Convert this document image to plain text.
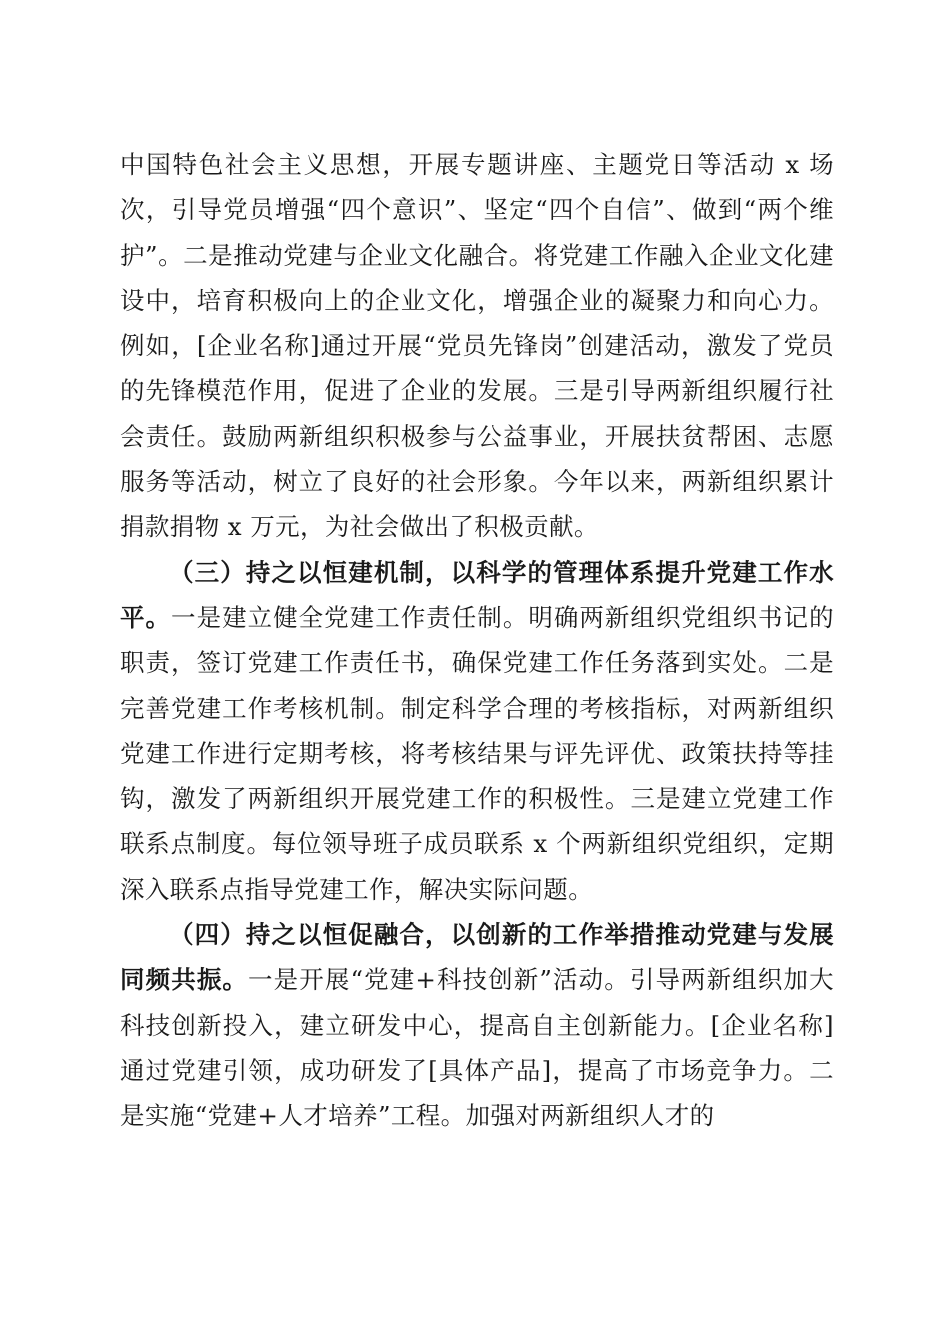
中国特色社会主义思想，开展专题讲座、主题党日等活动 x 场次，引导党员增强“四个意识”、坚定“四个自信”、做到“两个维护”。二是推动党建与企业文化融合。将党建工作融入企业文化建设中，培育积极向上的企业文化，增强企业的凝聚力和向心力。例如，[企业名称]通过开展“党员先锋岗”创建活动，激发了党员的先锋模范作用，促进了企业的发展。三是引导两新组织履行社会责任。鼓励两新组织积极参与公益事业，开展扶贫帮困、志愿服务等活动，树立了良好的社会形象。今年以来，两新组织累计捐款捐物 x 万元，为社会做出了积极贡献。

（三）持之以恒建机制，以科学的管理体系提升党建工作水平。一是建立健全党建工作责任制。明确两新组织党组织书记的职责，签订党建工作责任书，确保党建工作任务落到实处。二是完善党建工作考核机制。制定科学合理的考核指标，对两新组织党建工作进行定期考核，将考核结果与评先评优、政策扶持等挂钩，激发了两新组织开展党建工作的积极性。三是建立党建工作联系点制度。每位领导班子成员联系 x 个两新组织党组织，定期深入联系点指导党建工作，解决实际问题。

（四）持之以恒促融合，以创新的工作举措推动党建与发展同频共振。一是开展“党建+科技创新”活动。引导两新组织加大科技创新投入，建立研发中心，提高自主创新能力。[企业名称]通过党建引领，成功研发了[具体产品]，提高了市场竞争力。二是实施“党建+人才培养”工程。加强对两新组织人才的
